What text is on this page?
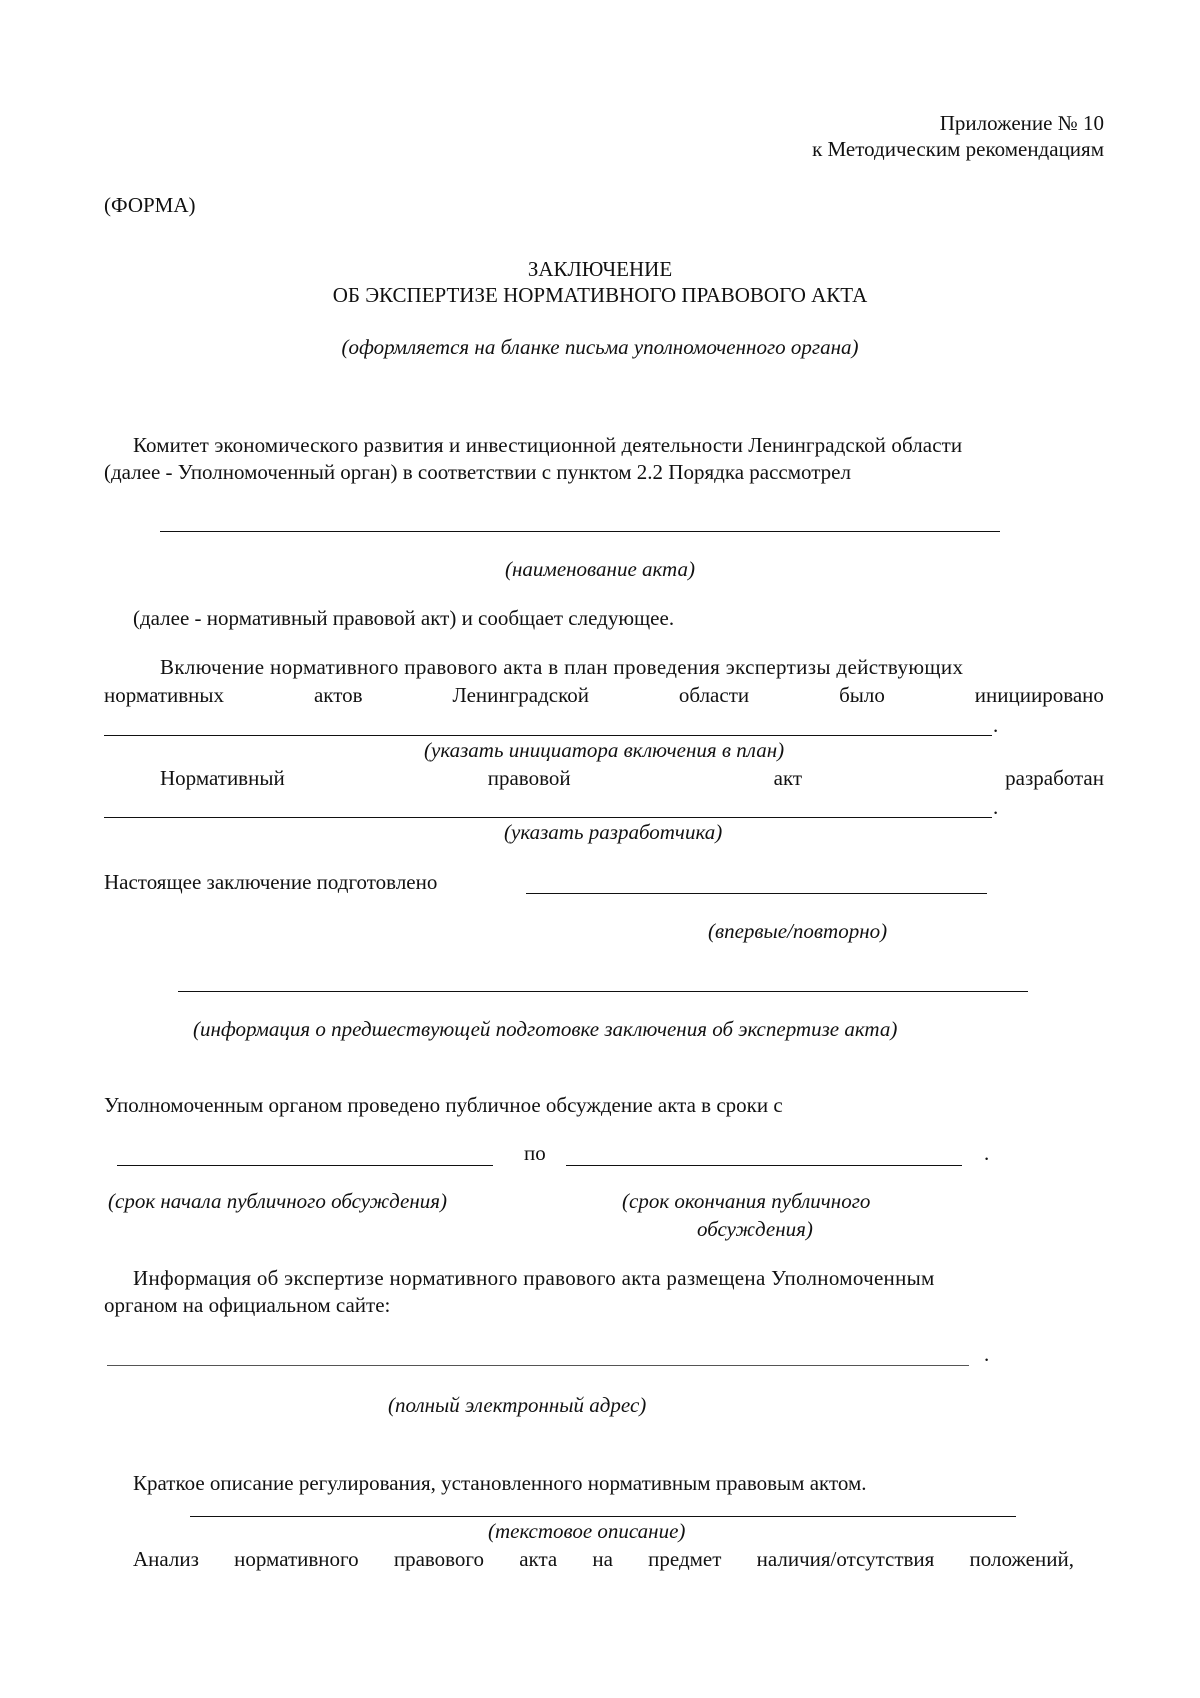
Приложение № 10
к Методическим рекомендациям
(ФОРМА)
ЗАКЛЮЧЕНИЕ
ОБ ЭКСПЕРТИЗЕ НОРМАТИВНОГО ПРАВОВОГО АКТА
(оформляется на бланке письма уполномоченного органа)
Комитет экономического развития и инвестиционной деятельности Ленинградской области
(далее - Уполномоченный орган) в соответствии с пунктом 2.2 Порядка рассмотрел
(наименование акта)
(далее - нормативный правовой акт) и сообщает следующее.
Включение нормативного правового акта в план проведения экспертизы действующих
нормативных	актов	Ленинградской	области	было	инициировано
.
(указать инициатора включения в план)
Нормативный	правовой	акт	разработан
.
(указать разработчика)
Настоящее заключение подготовлено
(впервые/повторно)
(информация о предшествующей подготовке заключения об экспертизе акта)
Уполномоченным органом проведено публичное обсуждение акта в сроки с
по	.
(срок начала публичного обсуждения)	(срок окончания публичного
обсуждения)
Информация об экспертизе нормативного правового акта размещена Уполномоченным
органом на официальном сайте:
.
(полный электронный адрес)
Краткое описание регулирования, установленного нормативным правовым актом.
(текстовое описание)
Анализ нормативного правового акта на предмет наличия/отсутствия положений,
